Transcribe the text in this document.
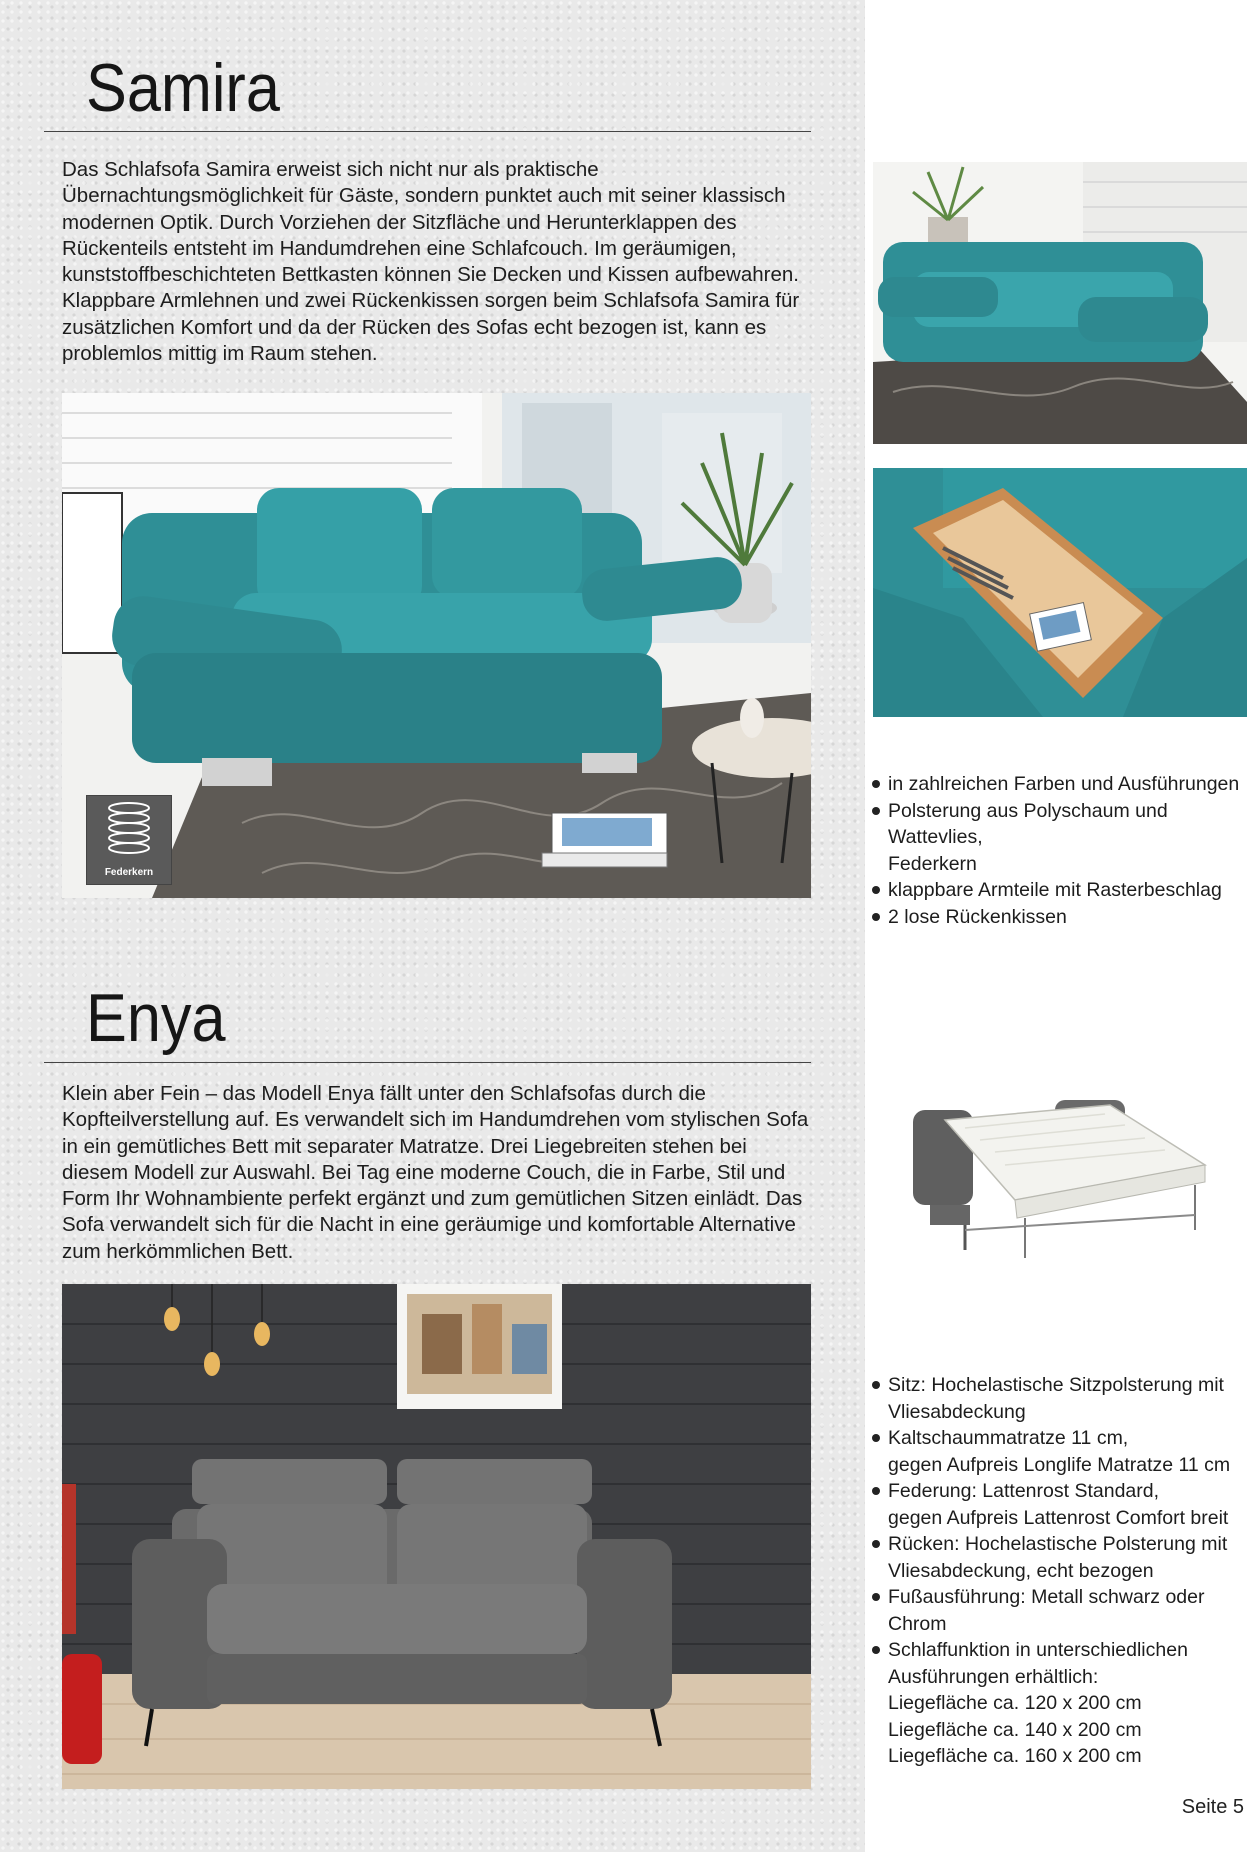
Samira

Das Schlafsofa Samira erweist sich nicht nur als praktische Übernachtungsmöglichkeit für Gäste, sondern punktet auch mit seiner klassisch modernen Optik. Durch Vorziehen der Sitzfläche und Herunterklappen des Rückenteils entsteht im Handumdrehen eine Schlafcouch. Im geräumigen, kunststoffbeschichteten Bettkasten können Sie Decken und Kissen aufbewahren. Klappbare Armlehnen und zwei Rückenkissen sorgen beim Schlafsofa Samira für zusätzlichen Komfort und da der Rücken des Sofas echt bezogen ist, kann es problemlos mittig im Raum stehen.

Federkern
in zahlreichen Farben und Ausführungen
Polsterung aus Polyschaum und Wattevlies,
Federkern
klappbare Armteile mit Rasterbeschlag
2 lose Rückenkissen
Enya

Klein aber Fein – das Modell Enya fällt unter den Schlafsofas durch die Kopfteilverstellung auf. Es verwandelt sich im Handumdrehen vom stylischen Sofa in ein gemütliches Bett mit separater Matratze. Drei Liegebreiten stehen bei diesem Modell zur Auswahl. Bei Tag eine moderne Couch, die in Farbe, Stil und Form Ihr Wohnambiente perfekt ergänzt und zum gemütlichen Sitzen einlädt. Das Sofa verwandelt sich für die Nacht in eine geräumige und komfortable Alternative zum herkömmlichen Bett.

Sitz: Hochelastische Sitzpolsterung mit
Vliesabdeckung
Kaltschaummatratze 11 cm,
gegen Aufpreis Longlife Matratze 11 cm
Federung: Lattenrost Standard,
gegen Aufpreis Lattenrost Comfort breit
Rücken: Hochelastische Polsterung mit
Vliesabdeckung, echt bezogen
Fußausführung: Metall schwarz oder Chrom
Schlaffunktion in unterschiedlichen
Ausführungen erhältlich:
Liegefläche ca. 120 x 200 cm
Liegefläche ca. 140 x 200 cm
Liegefläche ca. 160 x 200 cm
Seite 5
